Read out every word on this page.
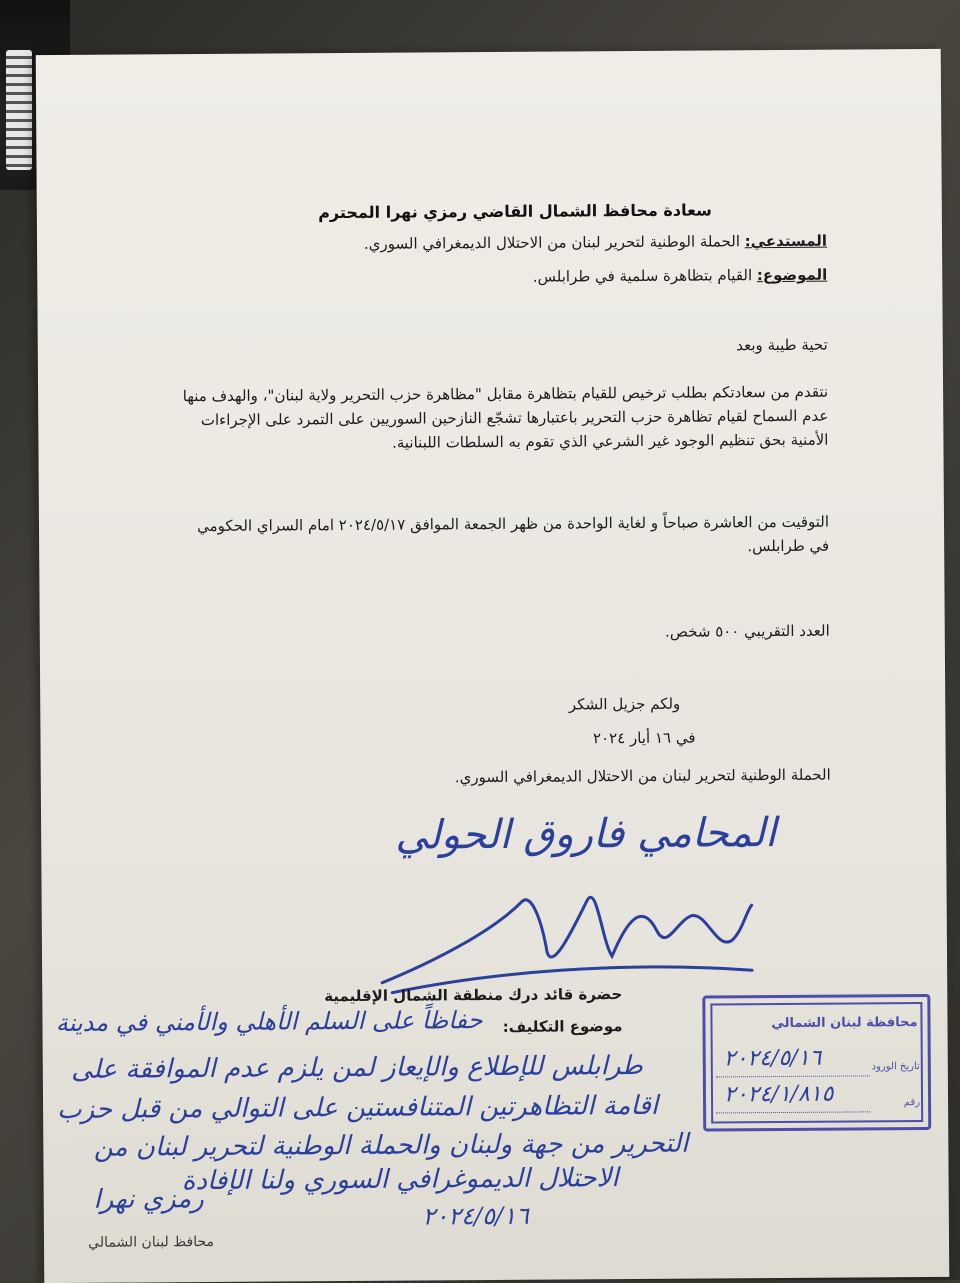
سعادة محافظ الشمال القاضي رمزي نهرا المحترم
المستدعي: الحملة الوطنية لتحرير لبنان من الاحتلال الديمغرافي السوري.
الموضوع: القيام بتظاهرة سلمية في طرابلس.
تحية طيبة وبعد
نتقدم من سعادتكم بطلب ترخيص للقيام بتظاهرة مقابل "مظاهرة حزب التحرير ولاية لبنان"، والهدف منها
عدم السماح لقيام تظاهرة حزب التحرير باعتبارها تشجّع النازحين السوريين على التمرد على الإجراءات
الأمنية بحق تنظيم الوجود غير الشرعي الذي تقوم به السلطات اللبنانية.
التوقيت من العاشرة صباحاً و لغاية الواحدة من ظهر الجمعة الموافق ٢٠٢٤/٥/١٧ امام السراي الحكومي
في طرابلس.
العدد التقريبي ٥٠٠ شخص.
ولكم جزيل الشكر
في ١٦ أيار ٢٠٢٤
الحملة الوطنية لتحرير لبنان من الاحتلال الديمغرافي السوري.
المحامي فاروق الحولي
محافظة لبنان الشمالي
تاريخ الورود
٢٠٢٤/٥/١٦
رقم
٢٠٢٤/١/٨١٥
حضرة قائد درك منطقة الشمال الإقليمية
موضوع التكليف:
حفاظاً على السلم الأهلي والأمني في مدينة
طرابلس للإطلاع والإيعاز لمن يلزم عدم الموافقة على
اقامة التظاهرتين المتنافستين على التوالي من قبل حزب
التحرير من جهة ولبنان والحملة الوطنية لتحرير لبنان من
الاحتلال الديموغرافي السوري ولنا الإفادة
رمزي نهرا
٢٠٢٤/٥/١٦
محافظ لبنان الشمالي
